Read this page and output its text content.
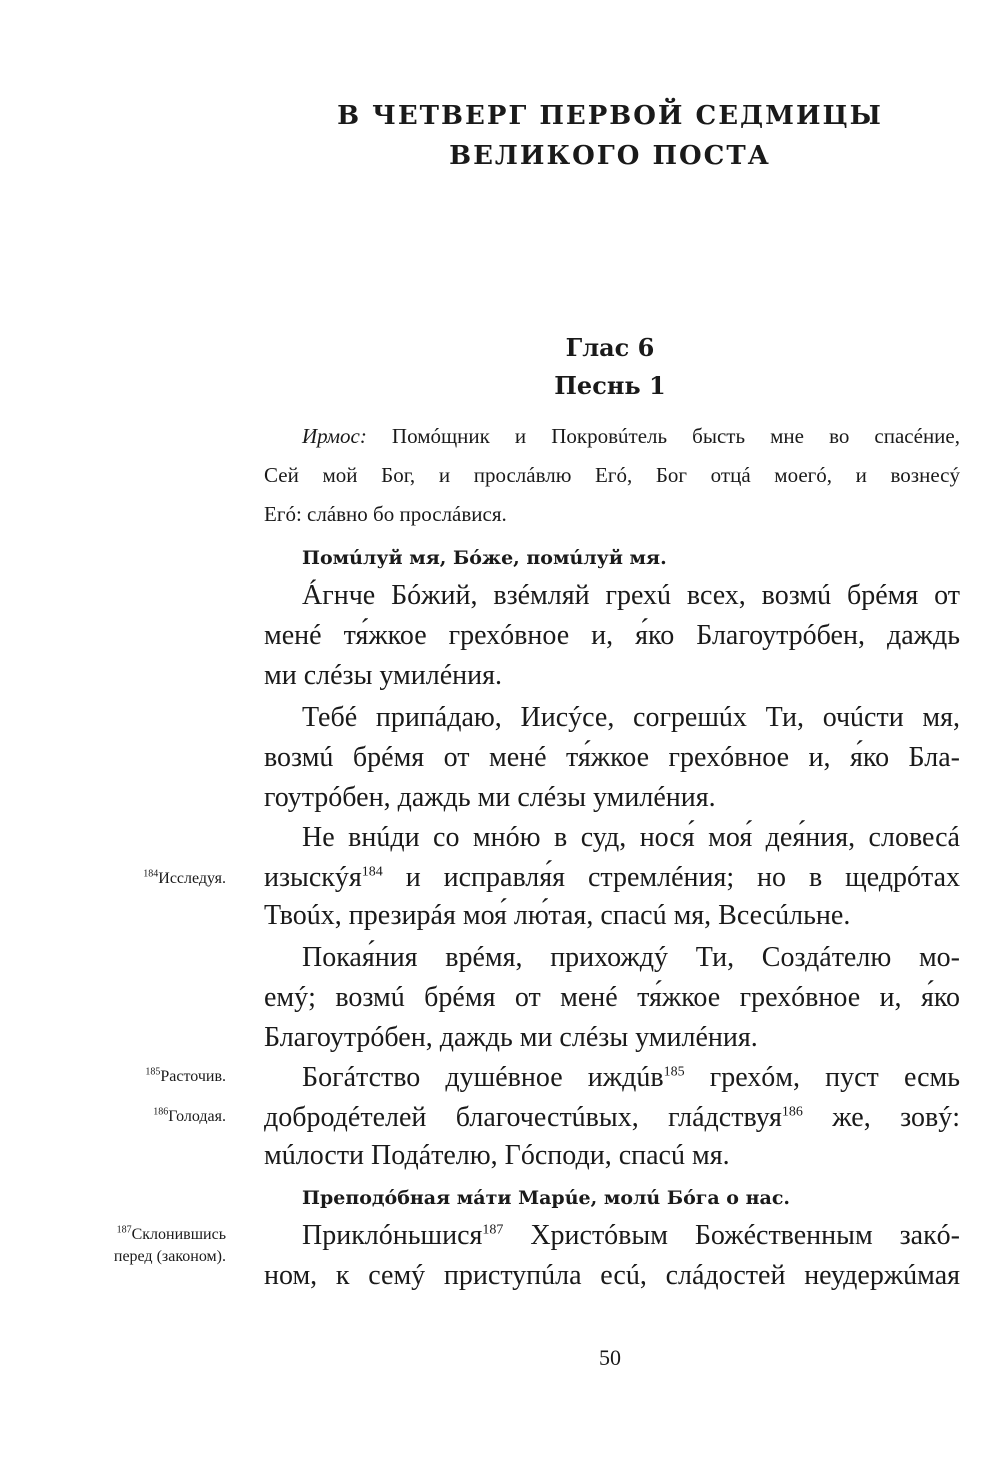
В ЧЕТВЕРГ ПЕРВОЙ СЕДМИЦЫ
ВЕЛИКОГО ПОСТА
Глас 6
Песнь 1
Ирмос: Помóщник и Покровúтель бысть мне во спасéние,
Сей мой Бог, и прослáвлю Егó, Бог отцá моегó, и вознесý
Егó: слáвно бо прослáвися.
Помúлуй мя, Бóже, помúлуй мя.
Áгнче Бóжий, взéмляй грехú всех, возмú брéмя от
менé тя́жкое грехóвное и, я́ко Благоутрóбен, даждь
ми слéзы умилéния.
Тебé припáдаю, Иисýсе, согрешúх Ти, очúсти мя,
возмú брéмя от менé тя́жкое грехóвное и, я́ко Бла-
гоутрóбен, даждь ми слéзы умилéния.
Не внúди со мнóю в суд, нося́ моя́ дея́ния, словесá
изыскýя$^{184}$ и исправля́я стремлéния; но в щедрóтах
Твоúх, презирáя моя́ лю́тая, спасú мя, Всесúльне.
Покая́ния врéмя, прихождý Ти, Создáтелю мо-
емý; возмú брéмя от менé тя́жкое грехóвное и, я́ко
Благоутрóбен, даждь ми слéзы умилéния.
Богáтство душéвное иждúв$^{185}$ грехóм, пуст есмь
добродéтелей благочестúвых, глáдствуя$^{186}$ же, зовý:
мúлости Подáтелю, Гóсподи, спасú мя.
Преподóбная мáти Марúе, молú Бóга о нас.
Приклóньшися$^{187}$ Христóвым Божéственным закó-
ном, к семý приступúла есú, слáдостей неудержúмая
$^{184}$Исследуя.
$^{185}$Расточив.
$^{186}$Голодая.
$^{187}$Склонившись
перед (законом).
50
